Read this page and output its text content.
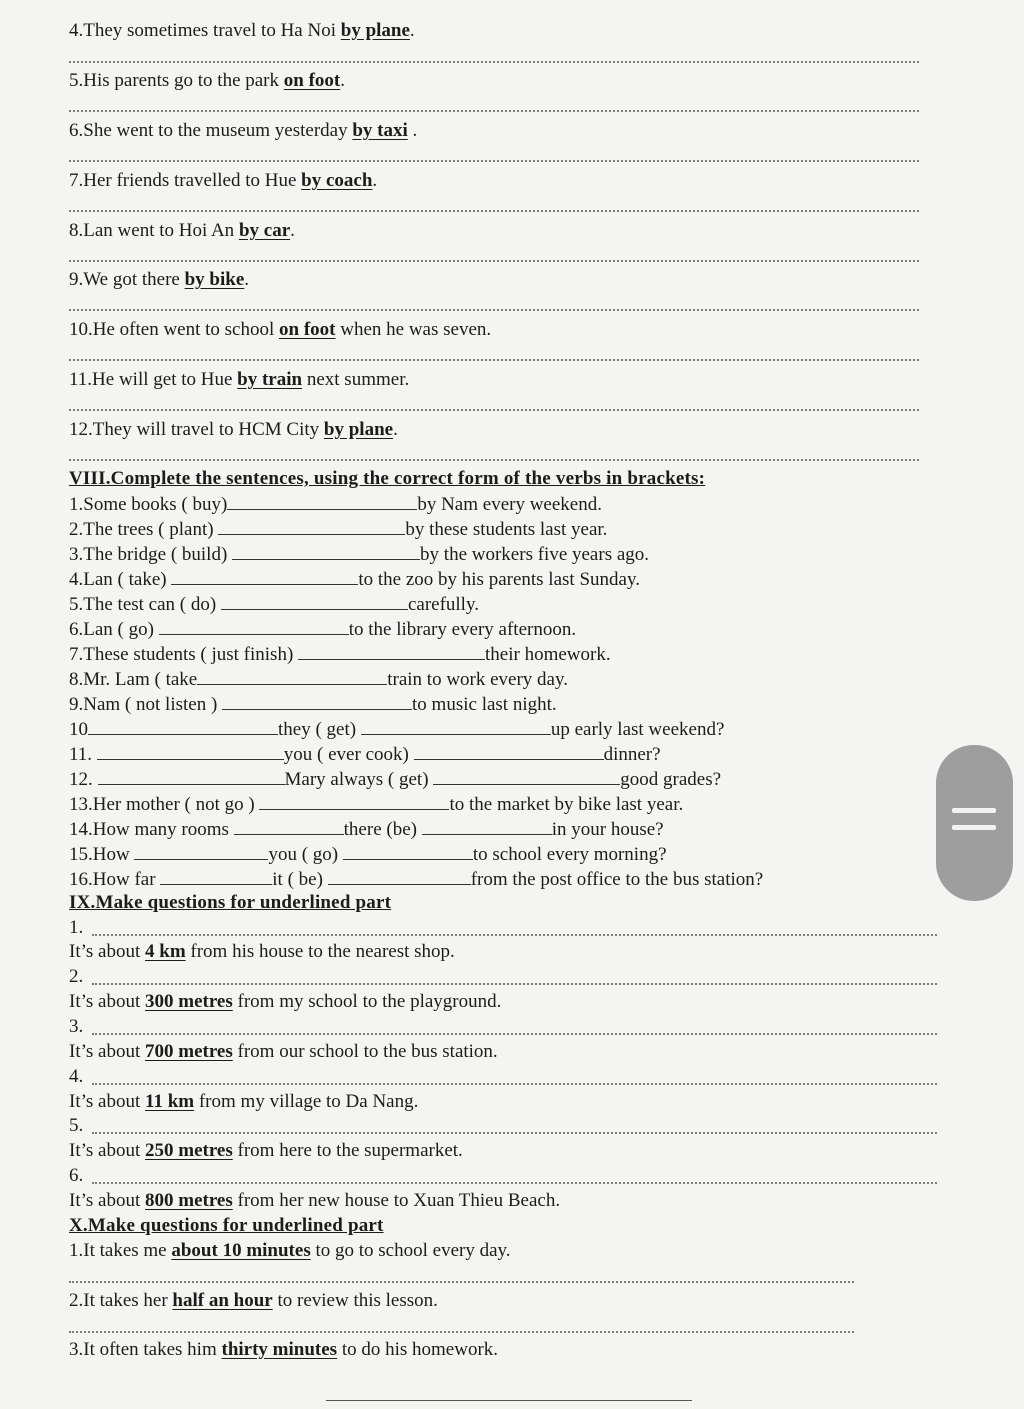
4.They sometimes travel to Ha Noi by plane.
5.His parents go to the park on foot.
6.She went to the museum yesterday by taxi .
7.Her friends travelled to Hue by coach.
8.Lan went to Hoi An by car.
9.We got there by bike.
10.He often went to school on foot when he was seven.
11.He will get to Hue by train next summer.
12.They will travel to HCM City by plane.
VIII.Complete the sentences, using the correct form of the verbs in brackets:
1.Some books ( buy)	by Nam every weekend.
2.The trees ( plant)	by these students last year.
3.The bridge ( build)	by the workers five years ago.
4.Lan ( take)	to the zoo by his parents last Sunday.
5.The test can ( do)	carefully.
6.Lan ( go)	to the library every afternoon.
7.These students ( just finish)	their homework.
8.Mr. Lam ( take	train to work every day.
9.Nam ( not listen )	to music last night.
10	they ( get)	up early last weekend?
11.	you ( ever cook)	dinner?
12.	Mary always ( get)	good grades?
13.Her mother ( not go )	to the market by bike last year.
14.How many rooms	there (be)	in your house?
15.How	you ( go)	to school every morning?
16.How far	it ( be)	from the post office to the bus station?
IX.Make questions for underlined part
1.
It’s about 4 km from his house to the nearest shop.
2.
It’s about 300 metres from my school to the playground.
3.
It’s about 700 metres from our school to the bus station.
4.
It’s about 11 km from my village to Da Nang.
5.
It’s about 250 metres from here to the supermarket.
6.
It’s about 800 metres from her new house to Xuan Thieu Beach.
X.Make questions for underlined part
1.It takes me about 10 minutes to go to school every day.
2.It takes her half an hour to review this lesson.
3.It often takes him thirty minutes to do his homework.
